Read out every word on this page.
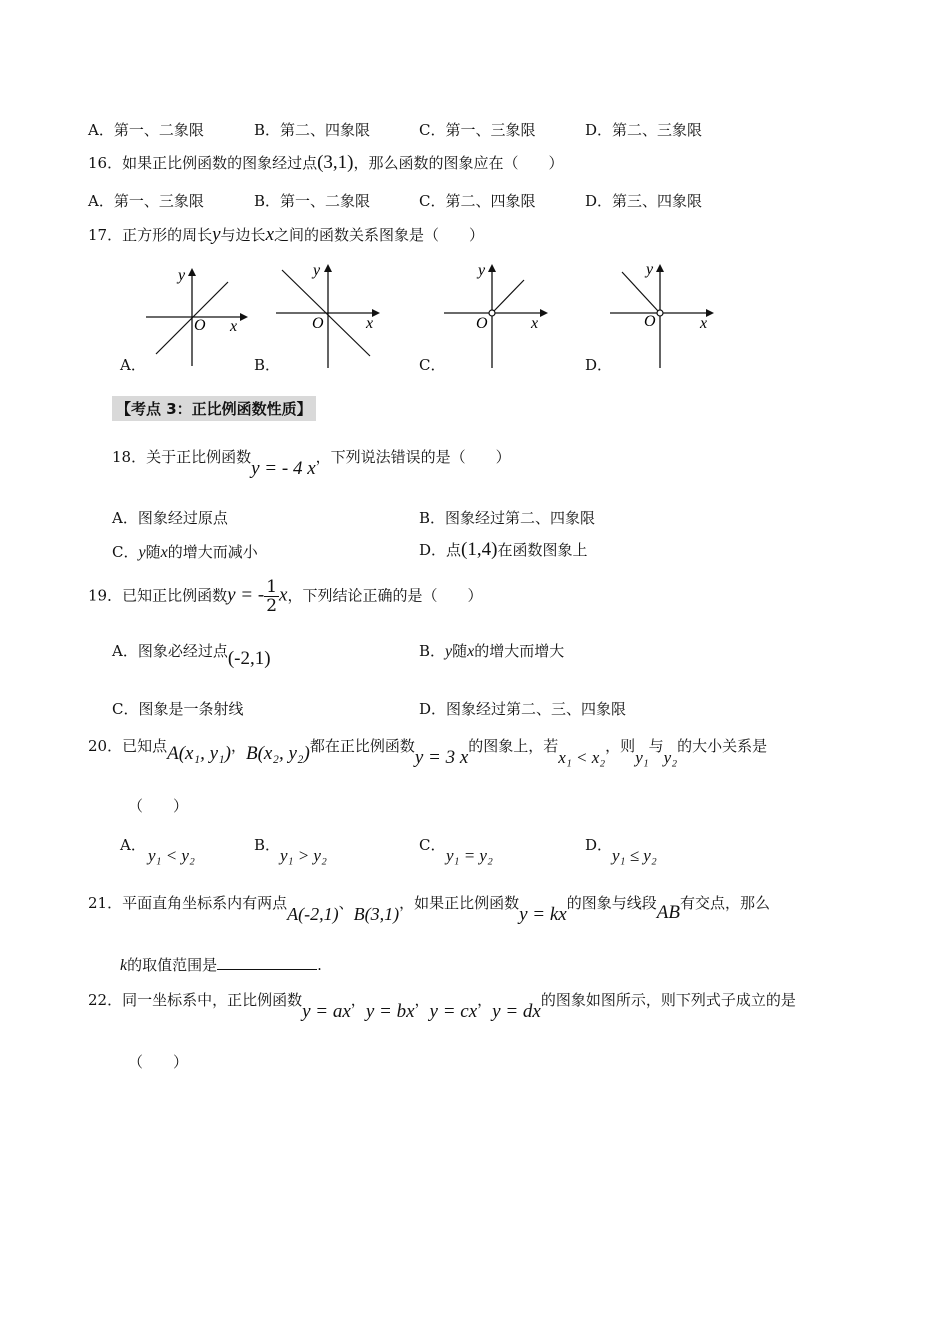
A．第一、二象限	B．第二、四象限	C．第一、三象限	D．第二、三象限
16．如果正比例函数的图象经过点(3,1)，那么函数的图象应在（　　）
A．第一、三象限	B．第一、二象限	C．第二、四象限	D．第三、四象限
17．正方形的周长y与边长x之间的函数关系图象是（　　）
y
O x
A．
y
O	x
B．
y
O	x
C．
y
O	x
D．
【考点 3：正比例函数性质】
18．关于正比例函数y = - 4 x，下列说法错误的是（　　）
A．图象经过原点	B．图象经过第二、四象限
C．y随x的增大而减小	D．点(1,4)在函数图象上
19．已知正比例函数y = - $\frac{1}{2}$ x，下列结论正确的是（　　）
A．图象必经过点(-2,1)	B．y随x的增大而增大
C．图象是一条射线	D．图象经过第二、三、四象限
20．已知点A(x₁, y₁)，B(x₂, y₂)都在正比例函数y = 3 x的图象上，若x₁ < x₂，则y₁与y₂的大小关系是
（　　）
A．
y₁ < y₂
B．
y₁ > y₂
C．
y₁ = y₂
D．
y₁ ≤ y₂
21．平面直角坐标系内有两点A(-2,1)、B(3,1)，如果正比例函数y = kx的图象与线段AB有交点，那么
k的取值范围是	.
22．同一坐标系中，正比例函数y = ax，y = bx，y = cx，y = dx的图象如图所示，则下列式子成立的是
（　　）
